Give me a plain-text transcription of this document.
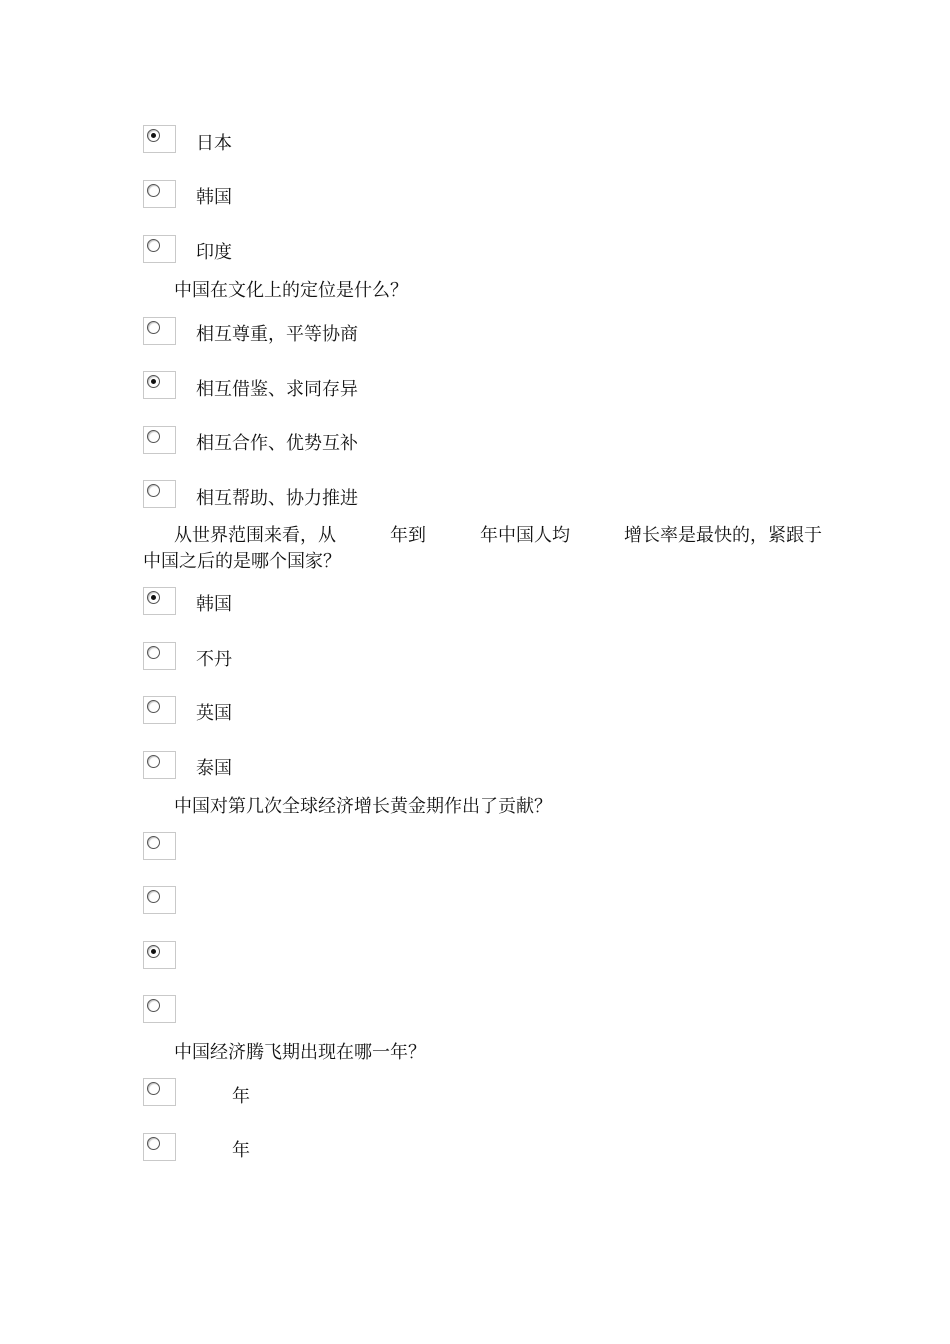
日本
韩国
印度
中国在文化上的定位是什么？
相互尊重，平等协商
相互借鉴、求同存异
相互合作、优势互补
相互帮助、协力推进
从世界范围来看，从　　　年到　　　年中国人均　　　增长率是最快的，紧跟于中国之后的是哪个国家？
韩国
不丹
英国
泰国
中国对第几次全球经济增长黄金期作出了贡献？
中国经济腾飞期出现在哪一年？
　　年
　　年
